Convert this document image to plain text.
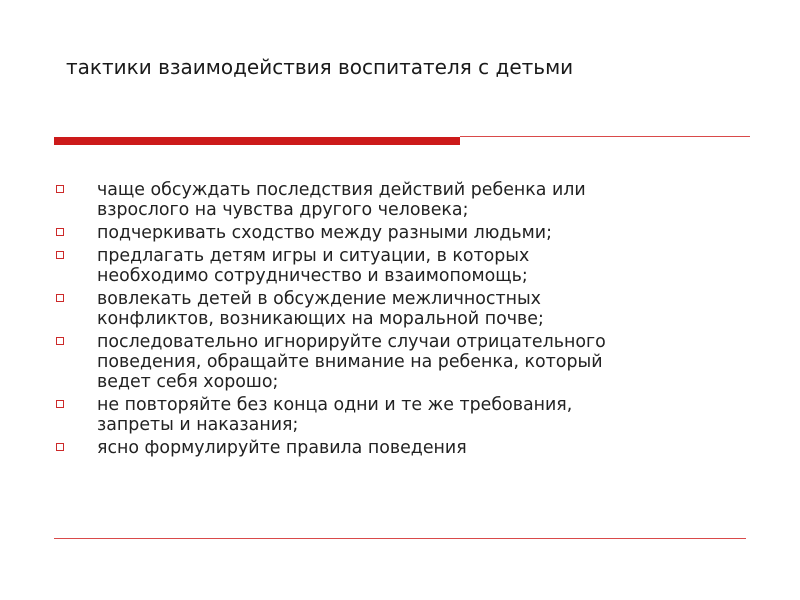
тактики взаимодействия воспитателя с детьми
чаще обсуждать последствия действий ребенка или
взрослого на чувства другого человека;
подчеркивать сходство между разными людьми;
предлагать детям игры и ситуации, в которых
необходимо сотрудничество и взаимопомощь;
вовлекать детей в обсуждение межличностных
конфликтов, возникающих на моральной почве;
последовательно игнорируйте случаи отрицательного
поведения, обращайте внимание на ребенка, который
ведет себя хорошо;
не повторяйте без конца одни и те же требования,
запреты и наказания;
ясно формулируйте правила поведения
